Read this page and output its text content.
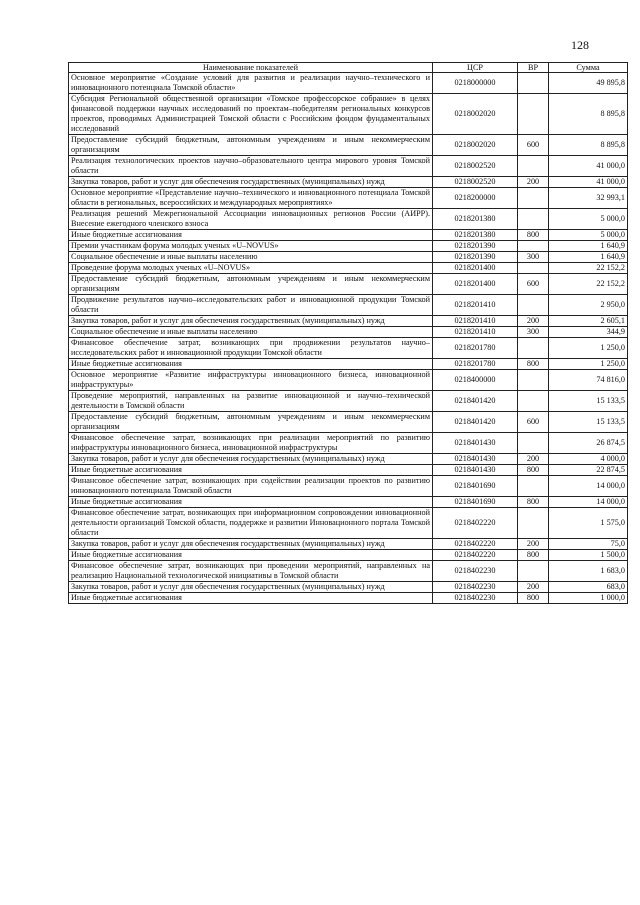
128
Наименование показателей	ЦСР	ВР	Сумма
Основное мероприятие «Создание условий для развития и реализации научно–технического и инновационного потенциала Томской области»	0218000000		49 895,8
Субсидия Региональной общественной организации «Томское профессорское собрание» в целях финансовой поддержки научных исследований по проектам–победителям региональных конкурсов проектов, проводимых Администрацией Томской области с Российским фондом фундаментальных исследований	0218002020		8 895,8
Предоставление субсидий бюджетным, автономным учреждениям и иным некоммерческим организациям	0218002020	600	8 895,8
Реализация технологических проектов научно–образовательного центра мирового уровня Томской области	0218002520		41 000,0
Закупка товаров, работ и услуг для обеспечения государственных (муниципальных) нужд	0218002520	200	41 000,0
Основное мероприятие «Представление научно–технического и инновационного потенциала Томской области в региональных, всероссийских и международных мероприятиях»	0218200000		32 993,1
Реализация решений Межрегиональной Ассоциации инновационных регионов России (АИРР). Внесение ежегодного членского взноса	0218201380		5 000,0
Иные бюджетные ассигнования	0218201380	800	5 000,0
Премии участникам форума молодых ученых «U–NOVUS»	0218201390		1 640,9
Социальное обеспечение и иные выплаты населению	0218201390	300	1 640,9
Проведение форума молодых ученых «U–NOVUS»	0218201400		22 152,2
Предоставление субсидий бюджетным, автономным учреждениям и иным некоммерческим организациям	0218201400	600	22 152,2
Продвижение результатов научно–исследовательских работ и инновационной продукции Томской области	0218201410		2 950,0
Закупка товаров, работ и услуг для обеспечения государственных (муниципальных) нужд	0218201410	200	2 605,1
Социальное обеспечение и иные выплаты населению	0218201410	300	344,9
Финансовое обеспечение затрат, возникающих при продвижении результатов научно–исследовательских работ и инновационной продукции Томской области	0218201780		1 250,0
Иные бюджетные ассигнования	0218201780	800	1 250,0
Основное мероприятие «Развитие инфраструктуры инновационного бизнеса, инновационной инфраструктуры»	0218400000		74 816,0
Проведение мероприятий, направленных на развитие инновационной и научно–технической деятельности в Томской области	0218401420		15 133,5
Предоставление субсидий бюджетным, автономным учреждениям и иным некоммерческим организациям	0218401420	600	15 133,5
Финансовое обеспечение затрат, возникающих при реализации мероприятий по развитию инфраструктуры инновационного бизнеса, инновационной инфраструктуры	0218401430		26 874,5
Закупка товаров, работ и услуг для обеспечения государственных (муниципальных) нужд	0218401430	200	4 000,0
Иные бюджетные ассигнования	0218401430	800	22 874,5
Финансовое обеспечение затрат, возникающих при содействии реализации проектов по развитию инновационного потенциала Томской области	0218401690		14 000,0
Иные бюджетные ассигнования	0218401690	800	14 000,0
Финансовое обеспечение затрат, возникающих при информационном сопровождении инновационной деятельности организаций Томской области, поддержке и развитии Инновационного портала Томской области	0218402220		1 575,0
Закупка товаров, работ и услуг для обеспечения государственных (муниципальных) нужд	0218402220	200	75,0
Иные бюджетные ассигнования	0218402220	800	1 500,0
Финансовое обеспечение затрат, возникающих при проведении мероприятий, направленных на реализацию Национальной технологической инициативы в Томской области	0218402230		1 683,0
Закупка товаров, работ и услуг для обеспечения государственных (муниципальных) нужд	0218402230	200	683,0
Иные бюджетные ассигнования	0218402230	800	1 000,0
